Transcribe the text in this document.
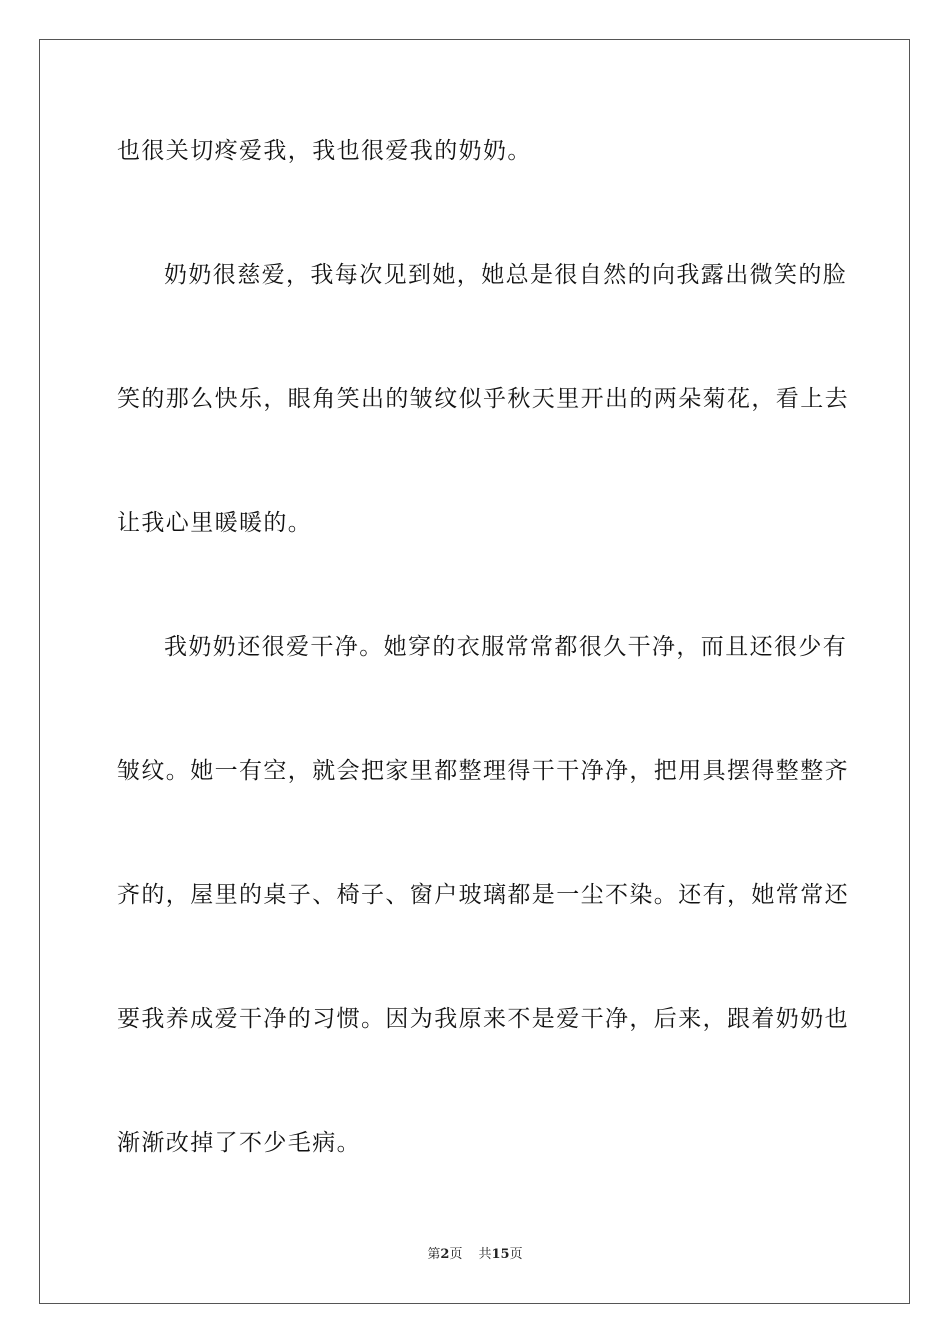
也很关切疼爱我，我也很爱我的奶奶。
奶奶很慈爱，我每次见到她，她总是很自然的向我露出微笑的脸
笑的那么快乐，眼角笑出的皱纹似乎秋天里开出的两朵菊花，看上去
让我心里暖暖的。
我奶奶还很爱干净。她穿的衣服常常都很久干净，而且还很少有
皱纹。她一有空，就会把家里都整理得干干净净，把用具摆得整整齐
齐的，屋里的桌子、椅子、窗户玻璃都是一尘不染。还有，她常常还
要我养成爱干净的习惯。因为我原来不是爱干净，后来，跟着奶奶也
渐渐改掉了不少毛病。
第2页 共15页
